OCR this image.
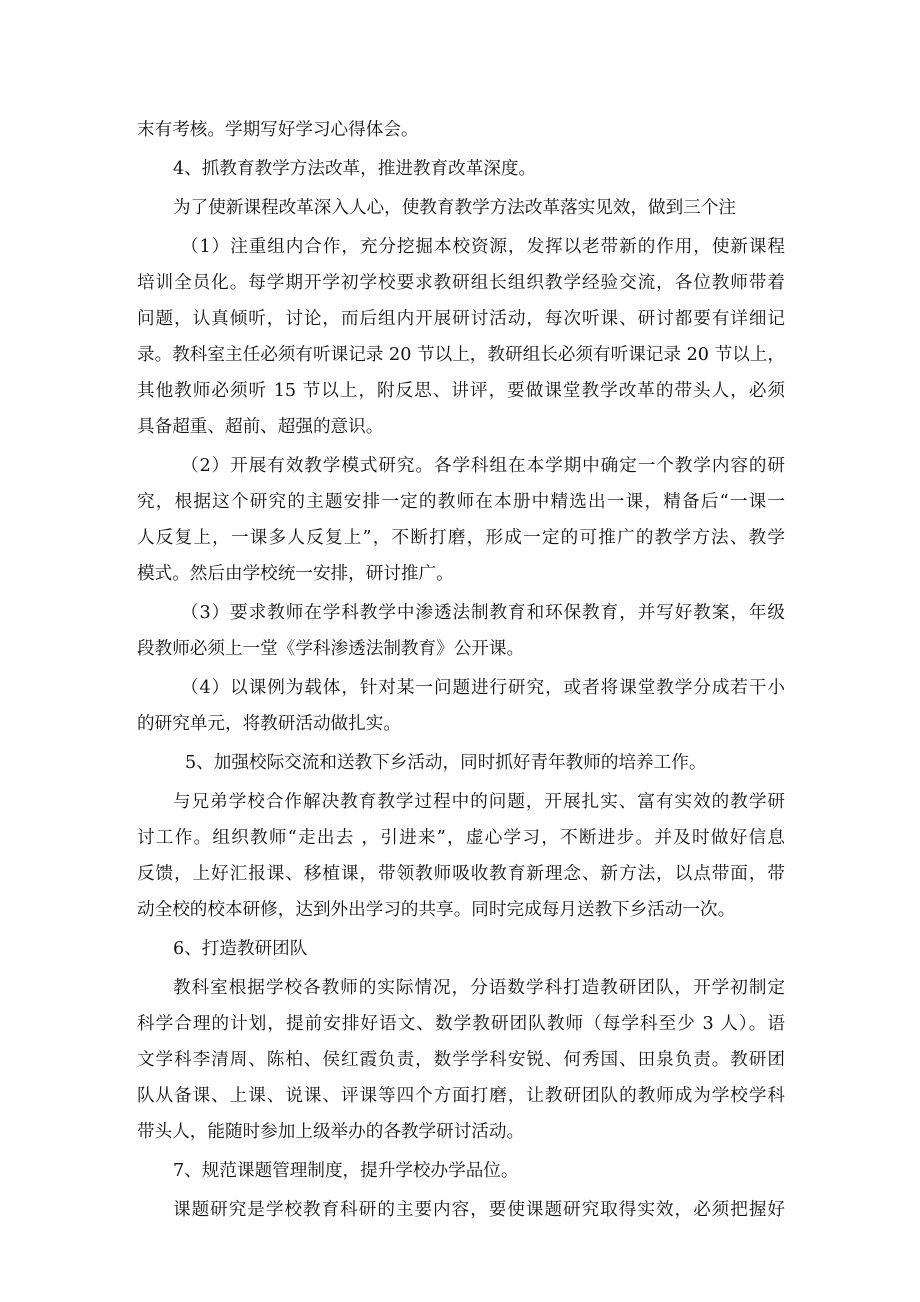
末有考核。学期写好学习心得体会。
4、抓教育教学方法改革，推进教育改革深度。
为了使新课程改革深入人心，使教育教学方法改革落实见效，做到三个注
（1）注重组内合作，充分挖掘本校资源，发挥以老带新的作用，使新课程
培训全员化。每学期开学初学校要求教研组长组织教学经验交流，各位教师带着
问题，认真倾听，讨论，而后组内开展研讨活动，每次听课、研讨都要有详细记
录。教科室主任必须有听课记录 20 节以上，教研组长必须有听课记录 20 节以上，
其他教师必须听 15 节以上，附反思、讲评，要做课堂教学改革的带头人，必须
具备超重、超前、超强的意识。
（2）开展有效教学模式研究。各学科组在本学期中确定一个教学内容的研
究，根据这个研究的主题安排一定的教师在本册中精选出一课，精备后“一课一
人反复上，一课多人反复上”，不断打磨，形成一定的可推广的教学方法、教学
模式。然后由学校统一安排，研讨推广。
（3）要求教师在学科教学中渗透法制教育和环保教育，并写好教案，年级
段教师必须上一堂《学科渗透法制教育》公开课。
（4）以课例为载体，针对某一问题进行研究，或者将课堂教学分成若干小
的研究单元，将教研活动做扎实。
5、加强校际交流和送教下乡活动，同时抓好青年教师的培养工作。
与兄弟学校合作解决教育教学过程中的问题，开展扎实、富有实效的教学研
讨工作。组织教师“走出去 ，引进来”，虚心学习，不断进步。并及时做好信息
反馈，上好汇报课、移植课，带领教师吸收教育新理念、新方法，以点带面，带
动全校的校本研修，达到外出学习的共享。同时完成每月送教下乡活动一次。
6、打造教研团队
教科室根据学校各教师的实际情况，分语数学科打造教研团队，开学初制定
科学合理的计划，提前安排好语文、数学教研团队教师（每学科至少 3 人）。语
文学科李清周、陈柏、侯红霞负责，数学学科安锐、何秀国、田泉负责。教研团
队从备课、上课、说课、评课等四个方面打磨，让教研团队的教师成为学校学科
带头人，能随时参加上级举办的各教学研讨活动。
7、规范课题管理制度，提升学校办学品位。
课题研究是学校教育科研的主要内容，要使课题研究取得实效，必须把握好
